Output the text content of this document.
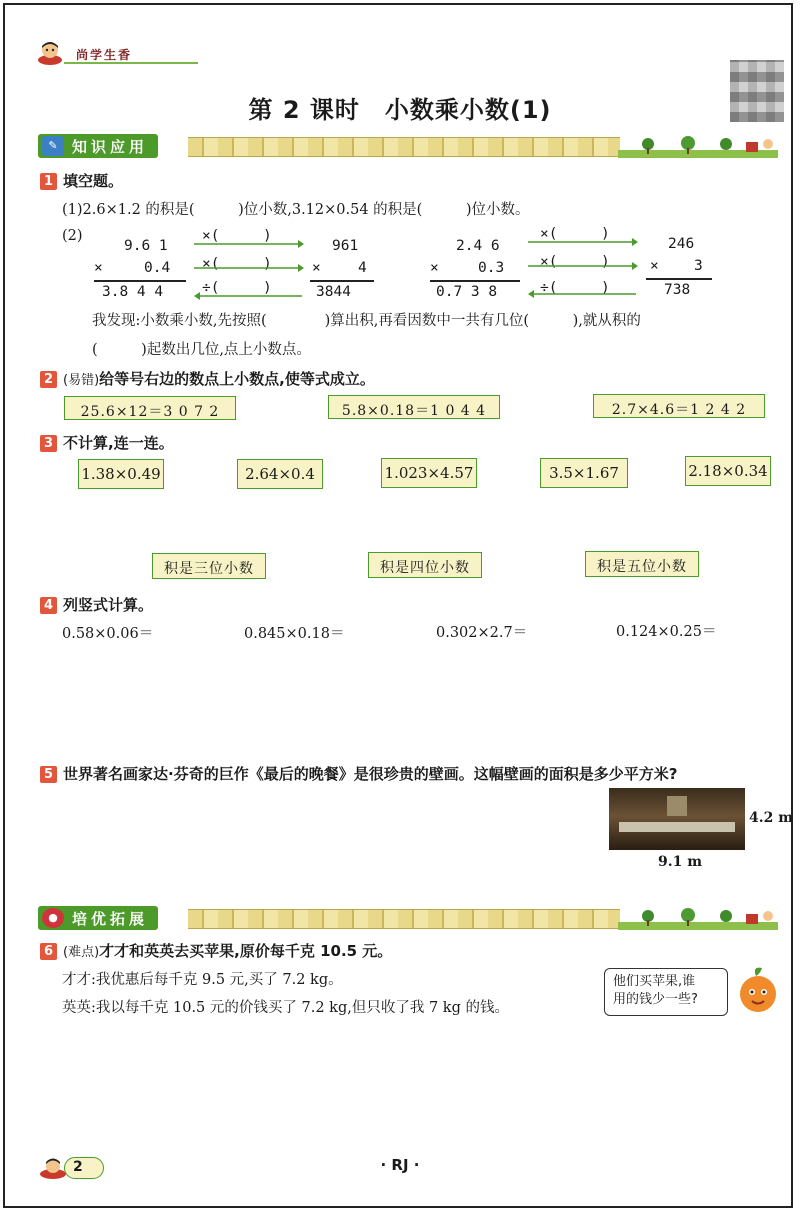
尚学生香
第 2 课时　小数乘小数(1)
知识应用
✎
1 填空题。
(1)2.6×1.2 的积是(　　　)位小数,3.12×0.54 的积是(　　　)位小数。
(2)
9.6 1
×	0.4
3.8 4 4
×(　　　)
×(　　　)
÷(　　　)
961
×	4
3844
2.4 6
×	0.3
0.7 3 8
×(　　　)
×(　　　)
÷(　　　)
246
× 3
738
我发现:小数乘小数,先按照(　　　　)算出积,再看因数中一共有几位(　　　),就从积的
(　　　)起数出几位,点上小数点。
2 (易错)给等号右边的数点上小数点,使等式成立。
25.6×12＝3 0 7 2	5.8×0.18＝1 0 4 4	2.7×4.6＝1 2 4 2
3 不计算,连一连。
1.38×0.49	2.64×0.4	1.023×4.57	3.5×1.67	2.18×0.34
积是三位小数	积是四位小数	积是五位小数
4 列竖式计算。
0.58×0.06＝	0.845×0.18＝	0.302×2.7＝	0.124×0.25＝
5 世界著名画家达·芬奇的巨作《最后的晚餐》是很珍贵的壁画。这幅壁画的面积是多少平方米?
4.2 m
9.1 m
培优拓展
●
6 (难点)才才和英英去买苹果,原价每千克 10.5 元。
才才:我优惠后每千克 9.5 元,买了 7.2 kg。
英英:我以每千克 10.5 元的价钱买了 7.2 kg,但只收了我 7 kg 的钱。
他们买苹果,谁
用的钱少一些?
2	· RJ ·
